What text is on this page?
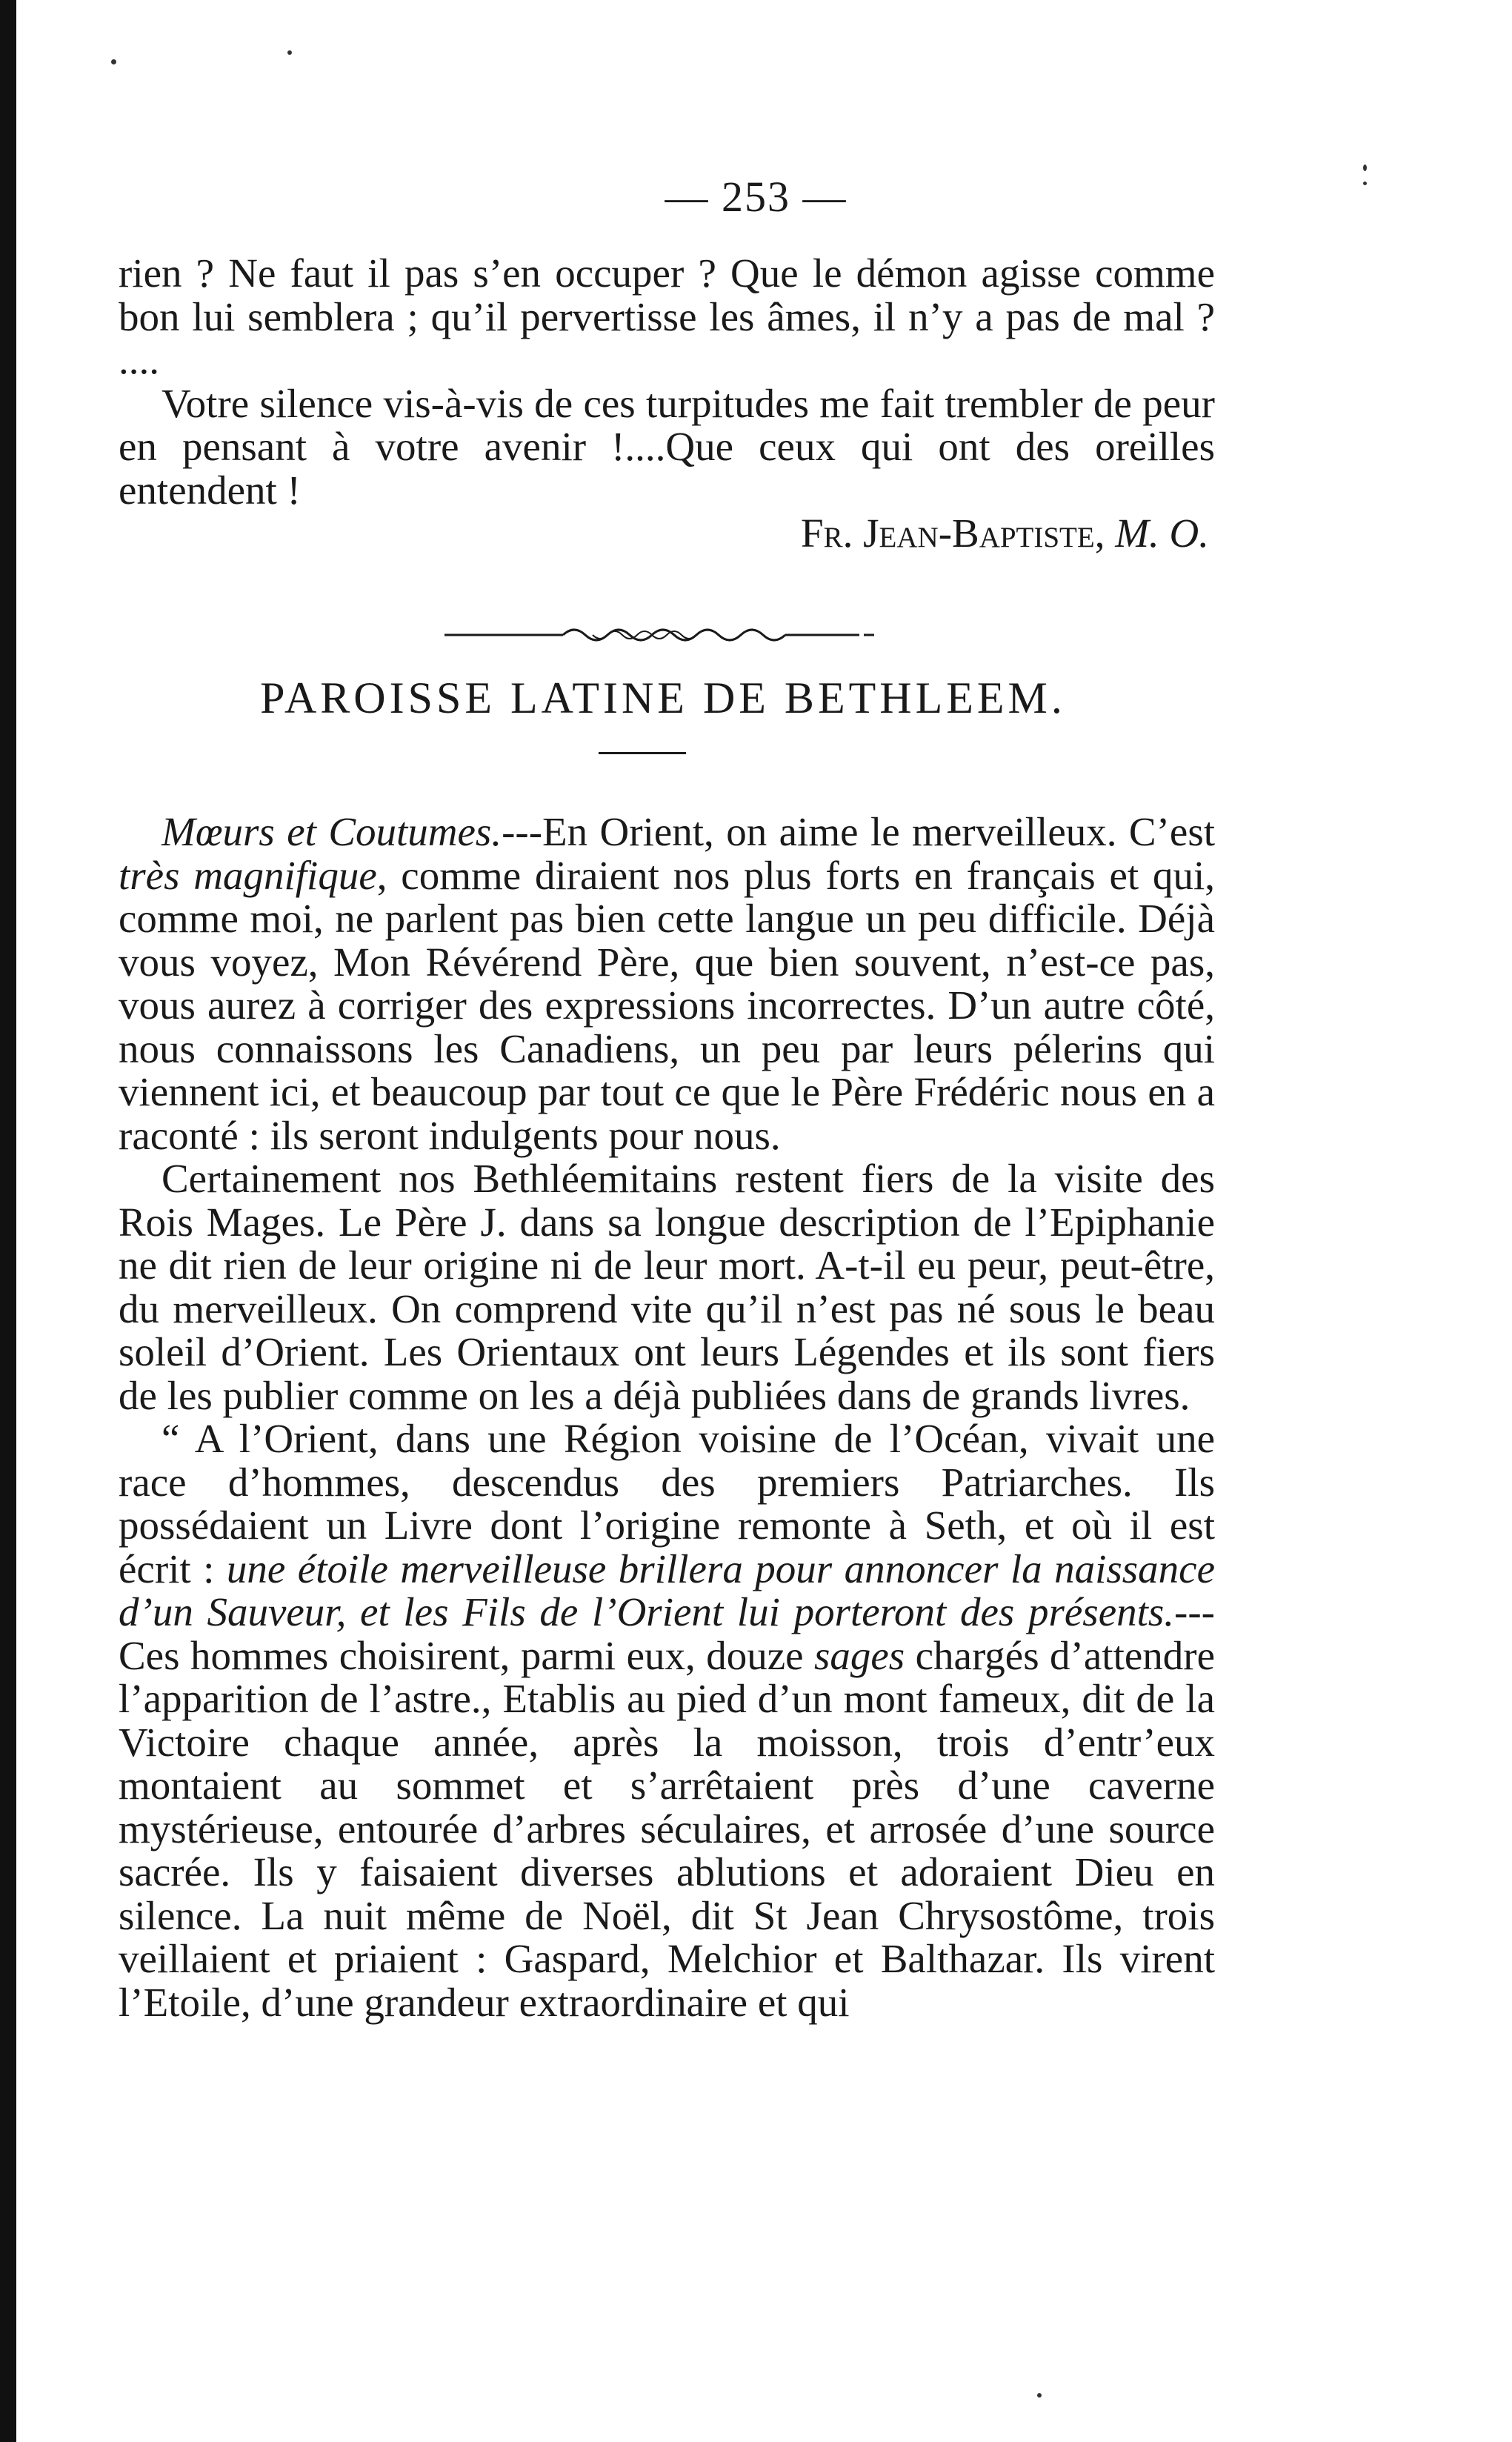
— 253 —

rien ? Ne faut il pas s’en occuper ? Que le démon agisse comme bon lui semblera ; qu’il pervertisse les âmes, il n’y a pas de mal ? ....

Votre silence vis-à-vis de ces turpitudes me fait trembler de peur en pensant à votre avenir !....Que ceux qui ont des oreilles entendent !

Fr. Jean-Baptiste, M. O.

PAROISSE LATINE DE BETHLEEM.

Mœurs et Coutumes.---En Orient, on aime le merveilleux. C’est très magnifique, comme diraient nos plus forts en français et qui, comme moi, ne parlent pas bien cette langue un peu difficile. Déjà vous voyez, Mon Révérend Père, que bien souvent, n’est-ce pas, vous aurez à corriger des expressions incorrectes. D’un autre côté, nous connaissons les Canadiens, un peu par leurs pélerins qui viennent ici, et beaucoup par tout ce que le Père Frédéric nous en a raconté : ils seront indulgents pour nous.

Certainement nos Bethléemitains restent fiers de la visite des Rois Mages. Le Père J. dans sa longue description de l’Epiphanie ne dit rien de leur origine ni de leur mort. A-t-il eu peur, peut-être, du merveilleux. On comprend vite qu’il n’est pas né sous le beau soleil d’Orient. Les Orientaux ont leurs Légendes et ils sont fiers de les publier comme on les a déjà publiées dans de grands livres.

“ A l’Orient, dans une Région voisine de l’Océan, vivait une race d’hommes, descendus des premiers Patriarches. Ils possédaient un Livre dont l’origine remonte à Seth, et où il est écrit : une étoile merveilleuse brillera pour annoncer la naissance d’un Sauveur, et les Fils de l’Orient lui porteront des présents.---Ces hommes choisirent, parmi eux, douze sages chargés d’attendre l’apparition de l’astre., Etablis au pied d’un mont fameux, dit de la Victoire chaque année, après la moisson, trois d’entr’eux montaient au sommet et s’arrêtaient près d’une caverne mystérieuse, entourée d’arbres séculaires, et arrosée d’une source sacrée. Ils y faisaient diverses ablutions et adoraient Dieu en silence. La nuit même de Noël, dit St Jean Chrysostôme, trois veillaient et priaient : Gaspard, Melchior et Balthazar. Ils virent l’Etoile, d’une grandeur extraordinaire et qui
